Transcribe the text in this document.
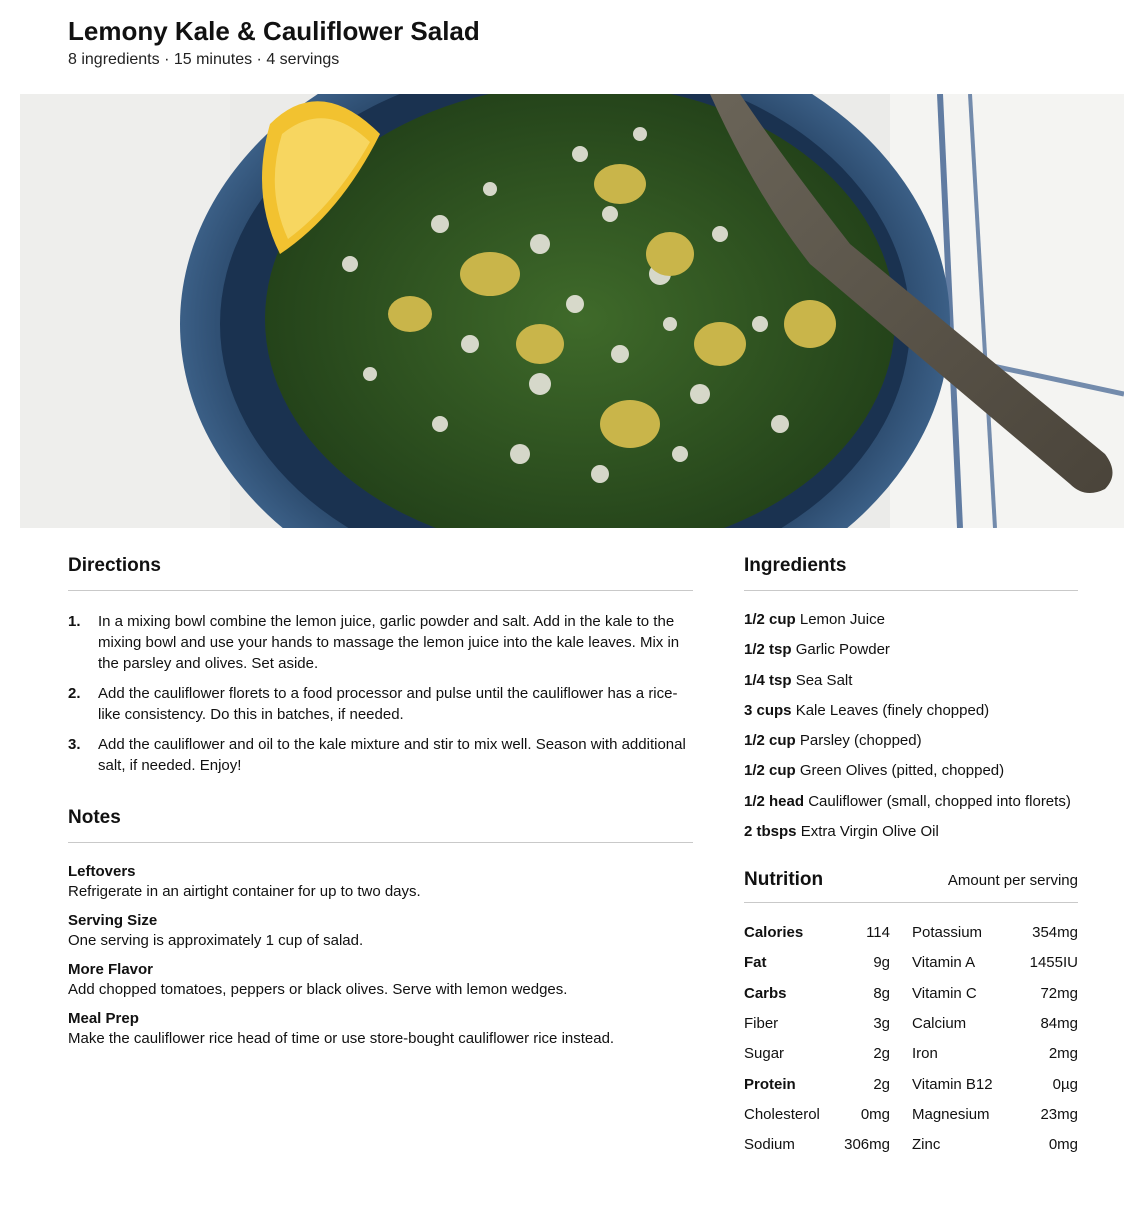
Lemony Kale & Cauliflower Salad
8 ingredients · 15 minutes · 4 servings
Directions
1.	In a mixing bowl combine the lemon juice, garlic powder and salt. Add in the kale to the mixing bowl and use your hands to massage the lemon juice into the kale leaves. Mix in the parsley and olives. Set aside.
2.	Add the cauliflower florets to a food processor and pulse until the cauliflower has a rice-like consistency. Do this in batches, if needed.
3.	Add the cauliflower and oil to the kale mixture and stir to mix well. Season with additional salt, if needed. Enjoy!
Notes
Leftovers
Refrigerate in an airtight container for up to two days.
Serving Size
One serving is approximately 1 cup of salad.
More Flavor
Add chopped tomatoes, peppers or black olives. Serve with lemon wedges.
Meal Prep
Make the cauliflower rice head of time or use store-bought cauliflower rice instead.
Ingredients
1/2 cup Lemon Juice
1/2 tsp Garlic Powder
1/4 tsp Sea Salt
3 cups Kale Leaves (finely chopped)
1/2 cup Parsley (chopped)
1/2 cup Green Olives (pitted, chopped)
1/2 head Cauliflower (small, chopped into florets)
2 tbsps Extra Virgin Olive Oil
Nutrition	Amount per serving
Calories	114 Potassium	354mg
Fat	9g Vitamin A	1455IU
Carbs	8g Vitamin C	72mg
Fiber	3g Calcium	84mg
Sugar	2g Iron	2mg
Protein	2g Vitamin B12	0µg
Cholesterol	0mg Magnesium	23mg
Sodium	306mg Zinc	0mg
